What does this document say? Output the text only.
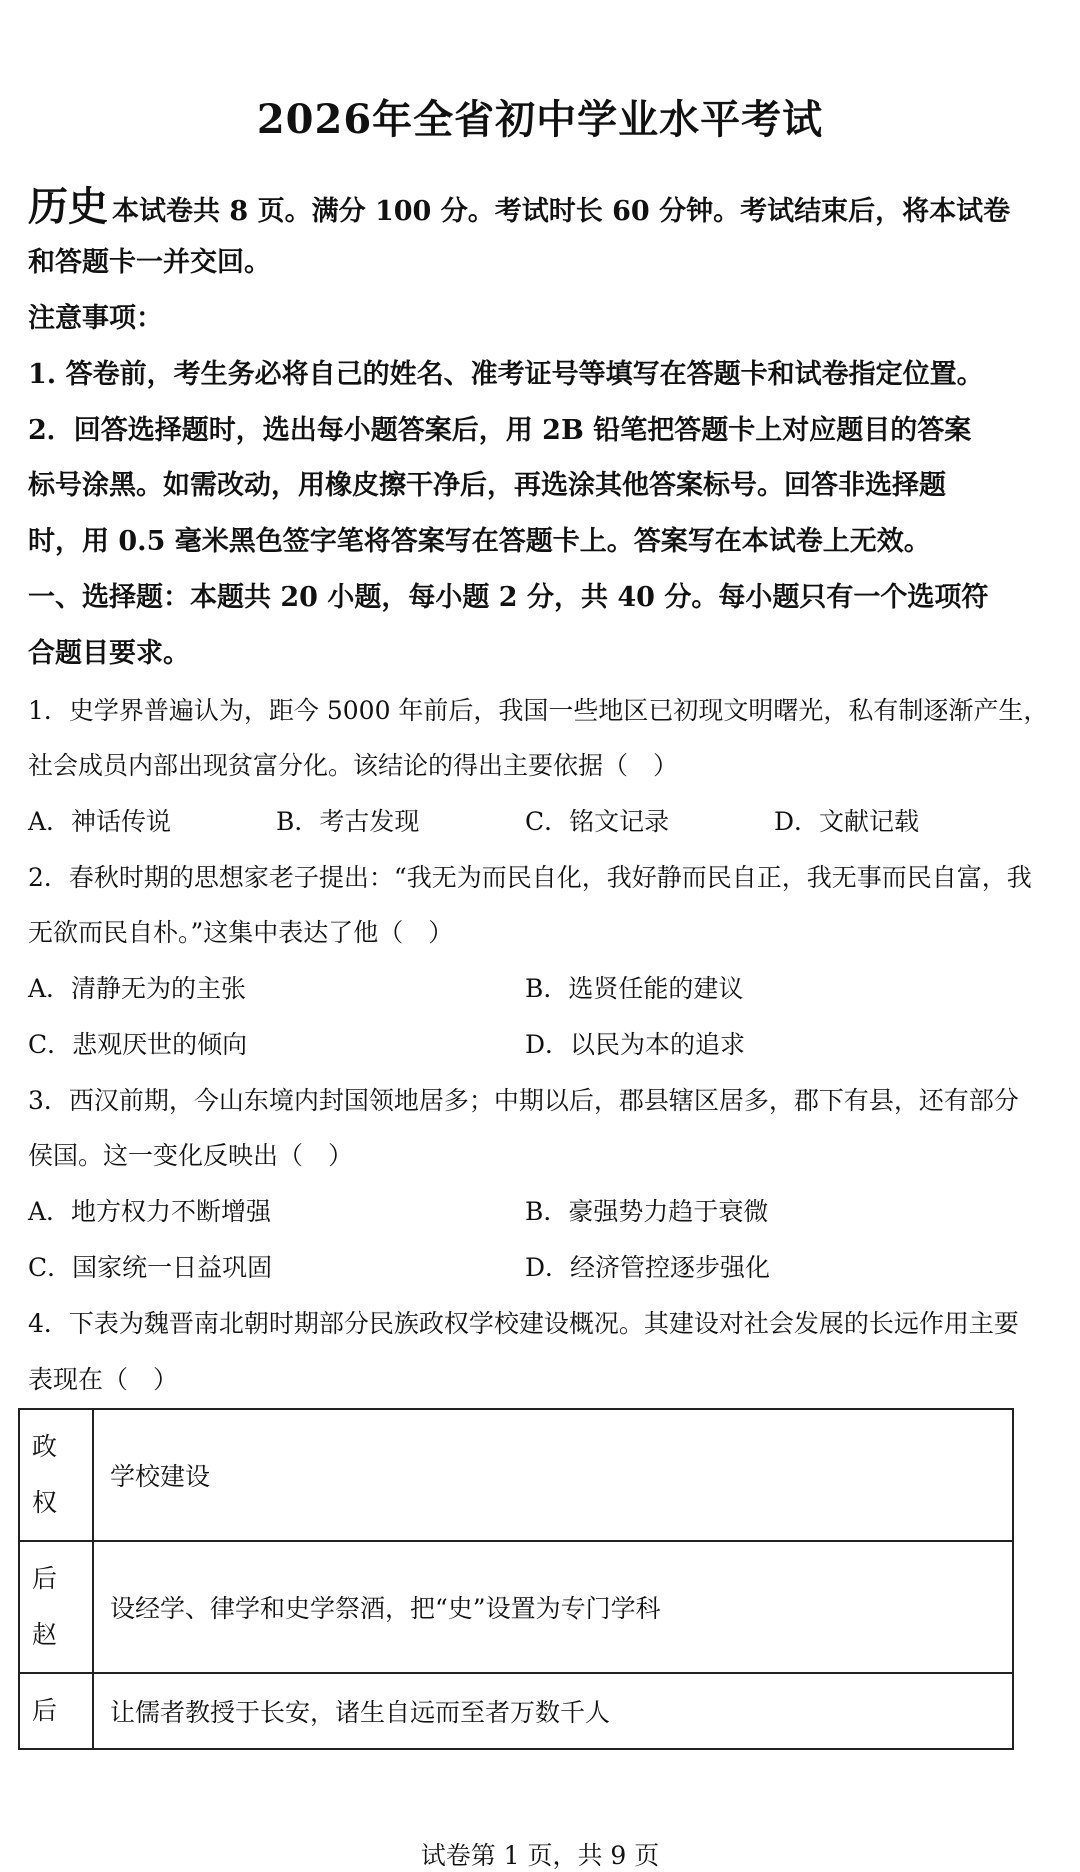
2026年全省初中学业水平考试
历史 本试卷共 8 页。满分 100 分。考试时长 60 分钟。考试结束后，将本试卷
和答题卡一并交回。
注意事项：
1. 答卷前，考生务必将自己的姓名、准考证号等填写在答题卡和试卷指定位置。
2．回答选择题时，选出每小题答案后，用 2B 铅笔把答题卡上对应题目的答案
标号涂黑。如需改动，用橡皮擦干净后，再选涂其他答案标号。回答非选择题
时，用 0.5 毫米黑色签字笔将答案写在答题卡上。答案写在本试卷上无效。
一、选择题：本题共 20 小题，每小题 2 分，共 40 分。每小题只有一个选项符
合题目要求。
1．史学界普遍认为，距今 5000 年前后，我国一些地区已初现文明曙光，私有制逐渐产生，
社会成员内部出现贫富分化。该结论的得出主要依据（　）
A．神话传说	B．考古发现	C．铭文记录	D．文献记载
2．春秋时期的思想家老子提出：“我无为而民自化，我好静而民自正，我无事而民自富，我
无欲而民自朴。”这集中表达了他（　）
A．清静无为的主张	B．选贤任能的建议
C．悲观厌世的倾向	D．以民为本的追求
3．西汉前期，今山东境内封国领地居多；中期以后，郡县辖区居多，郡下有县，还有部分
侯国。这一变化反映出（　）
A．地方权力不断增强	B．豪强势力趋于衰微
C．国家统一日益巩固	D．经济管控逐步强化
4．下表为魏晋南北朝时期部分民族政权学校建设概况。其建设对社会发展的长远作用主要
表现在（　）
政权	学校建设

后赵	设经学、律学和史学祭酒，把“史”设置为专门学科
后	让儒者教授于长安，诸生自远而至者万数千人
试卷第 1 页，共 9 页
